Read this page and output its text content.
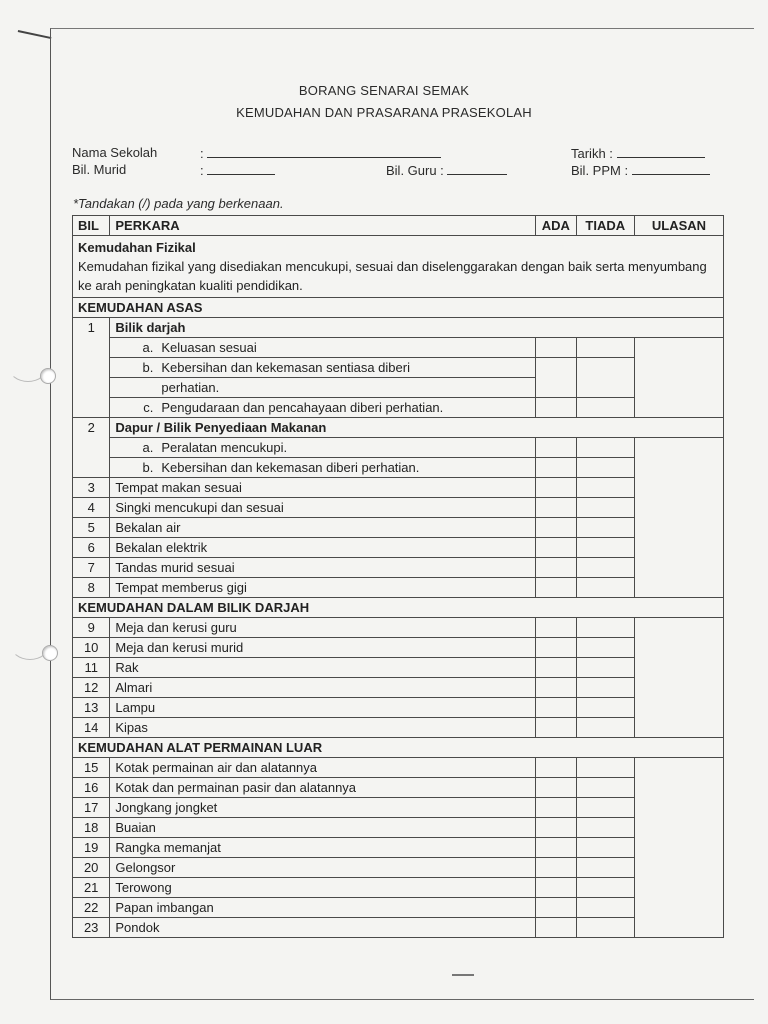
BORANG SENARAI SEMAK
KEMUDAHAN DAN PRASARANA PRASEKOLAH
Nama Sekolah	:	Tarikh :
Bil. Murid	:	Bil. Guru :	Bil. PPM :
*Tandakan (/) pada yang berkenaan.
BIL	PERKARA	ADA	TIADA	ULASAN

Kemudahan Fizikal
Kemudahan fizikal yang disediakan mencukupi, sesuai dan diselenggarakan dengan baik serta menyumbang ke arah peningkatan kualiti pendidikan.				

KEMUDAHAN ASAS				
1	Bilik darjah			
	a. Keluasan sesuai			
	b. Kebersihan dan kekemasan sentiasa diberi			
	perhatian.			
	c. Pengudaraan dan pencahayaan diberi perhatian.			
2	Dapur / Bilik Penyediaan Makanan			
	a. Peralatan mencukupi.			
	b. Kebersihan dan kekemasan diberi perhatian.			
3	Tempat makan sesuai			
4	Singki mencukupi dan sesuai			
5	Bekalan air			
6	Bekalan elektrik			
7	Tandas murid sesuai			
8	Tempat memberus gigi			
KEMUDAHAN DALAM BILIK DARJAH				
9	Meja dan kerusi guru			
10	Meja dan kerusi murid			
11	Rak			
12	Almari			
13	Lampu			
14	Kipas			
KEMUDAHAN ALAT PERMAINAN LUAR				
15	Kotak permainan air dan alatannya			
16	Kotak dan permainan pasir dan alatannya			
17	Jongkang jongket			
18	Buaian			
19	Rangka memanjat			
20	Gelongsor			
21	Terowong			
22	Papan imbangan			
23	Pondok			
